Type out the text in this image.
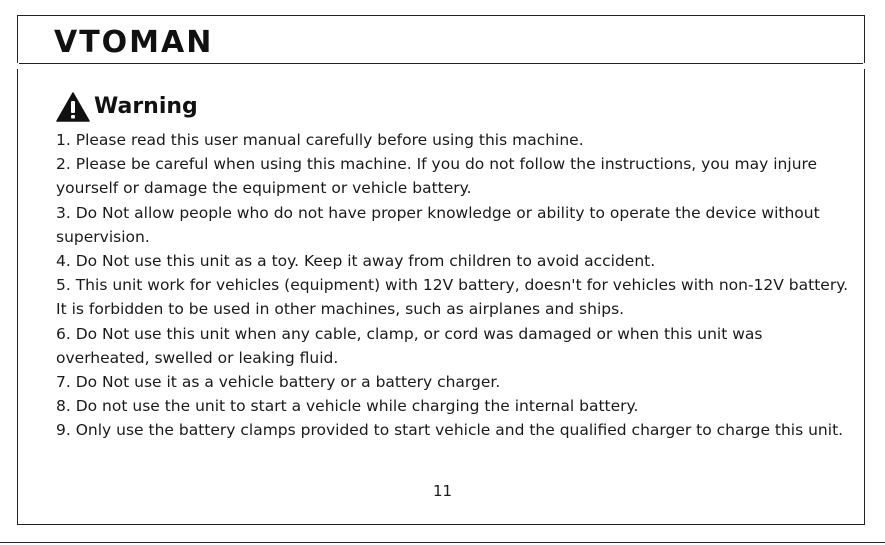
VTOMAN
Warning
1. Please read this user manual carefully before using this machine.
2. Please be careful when using this machine. If you do not follow the instructions, you may injure yourself or damage the equipment or vehicle battery.
3. Do Not allow people who do not have proper knowledge or ability to operate the device without supervision.
4. Do Not use this unit as a toy. Keep it away from children to avoid accident.
5. This unit work for vehicles (equipment) with 12V battery, doesn't for vehicles with non-12V battery. It is forbidden to be used in other machines, such as airplanes and ships.
6. Do Not use this unit when any cable, clamp, or cord was damaged or when this unit was overheated, swelled or leaking fluid.
7. Do Not use it as a vehicle battery or a battery charger.
8. Do not use the unit to start a vehicle while charging the internal battery.
9. Only use the battery clamps provided to start vehicle and the qualified charger to charge this unit.
11
